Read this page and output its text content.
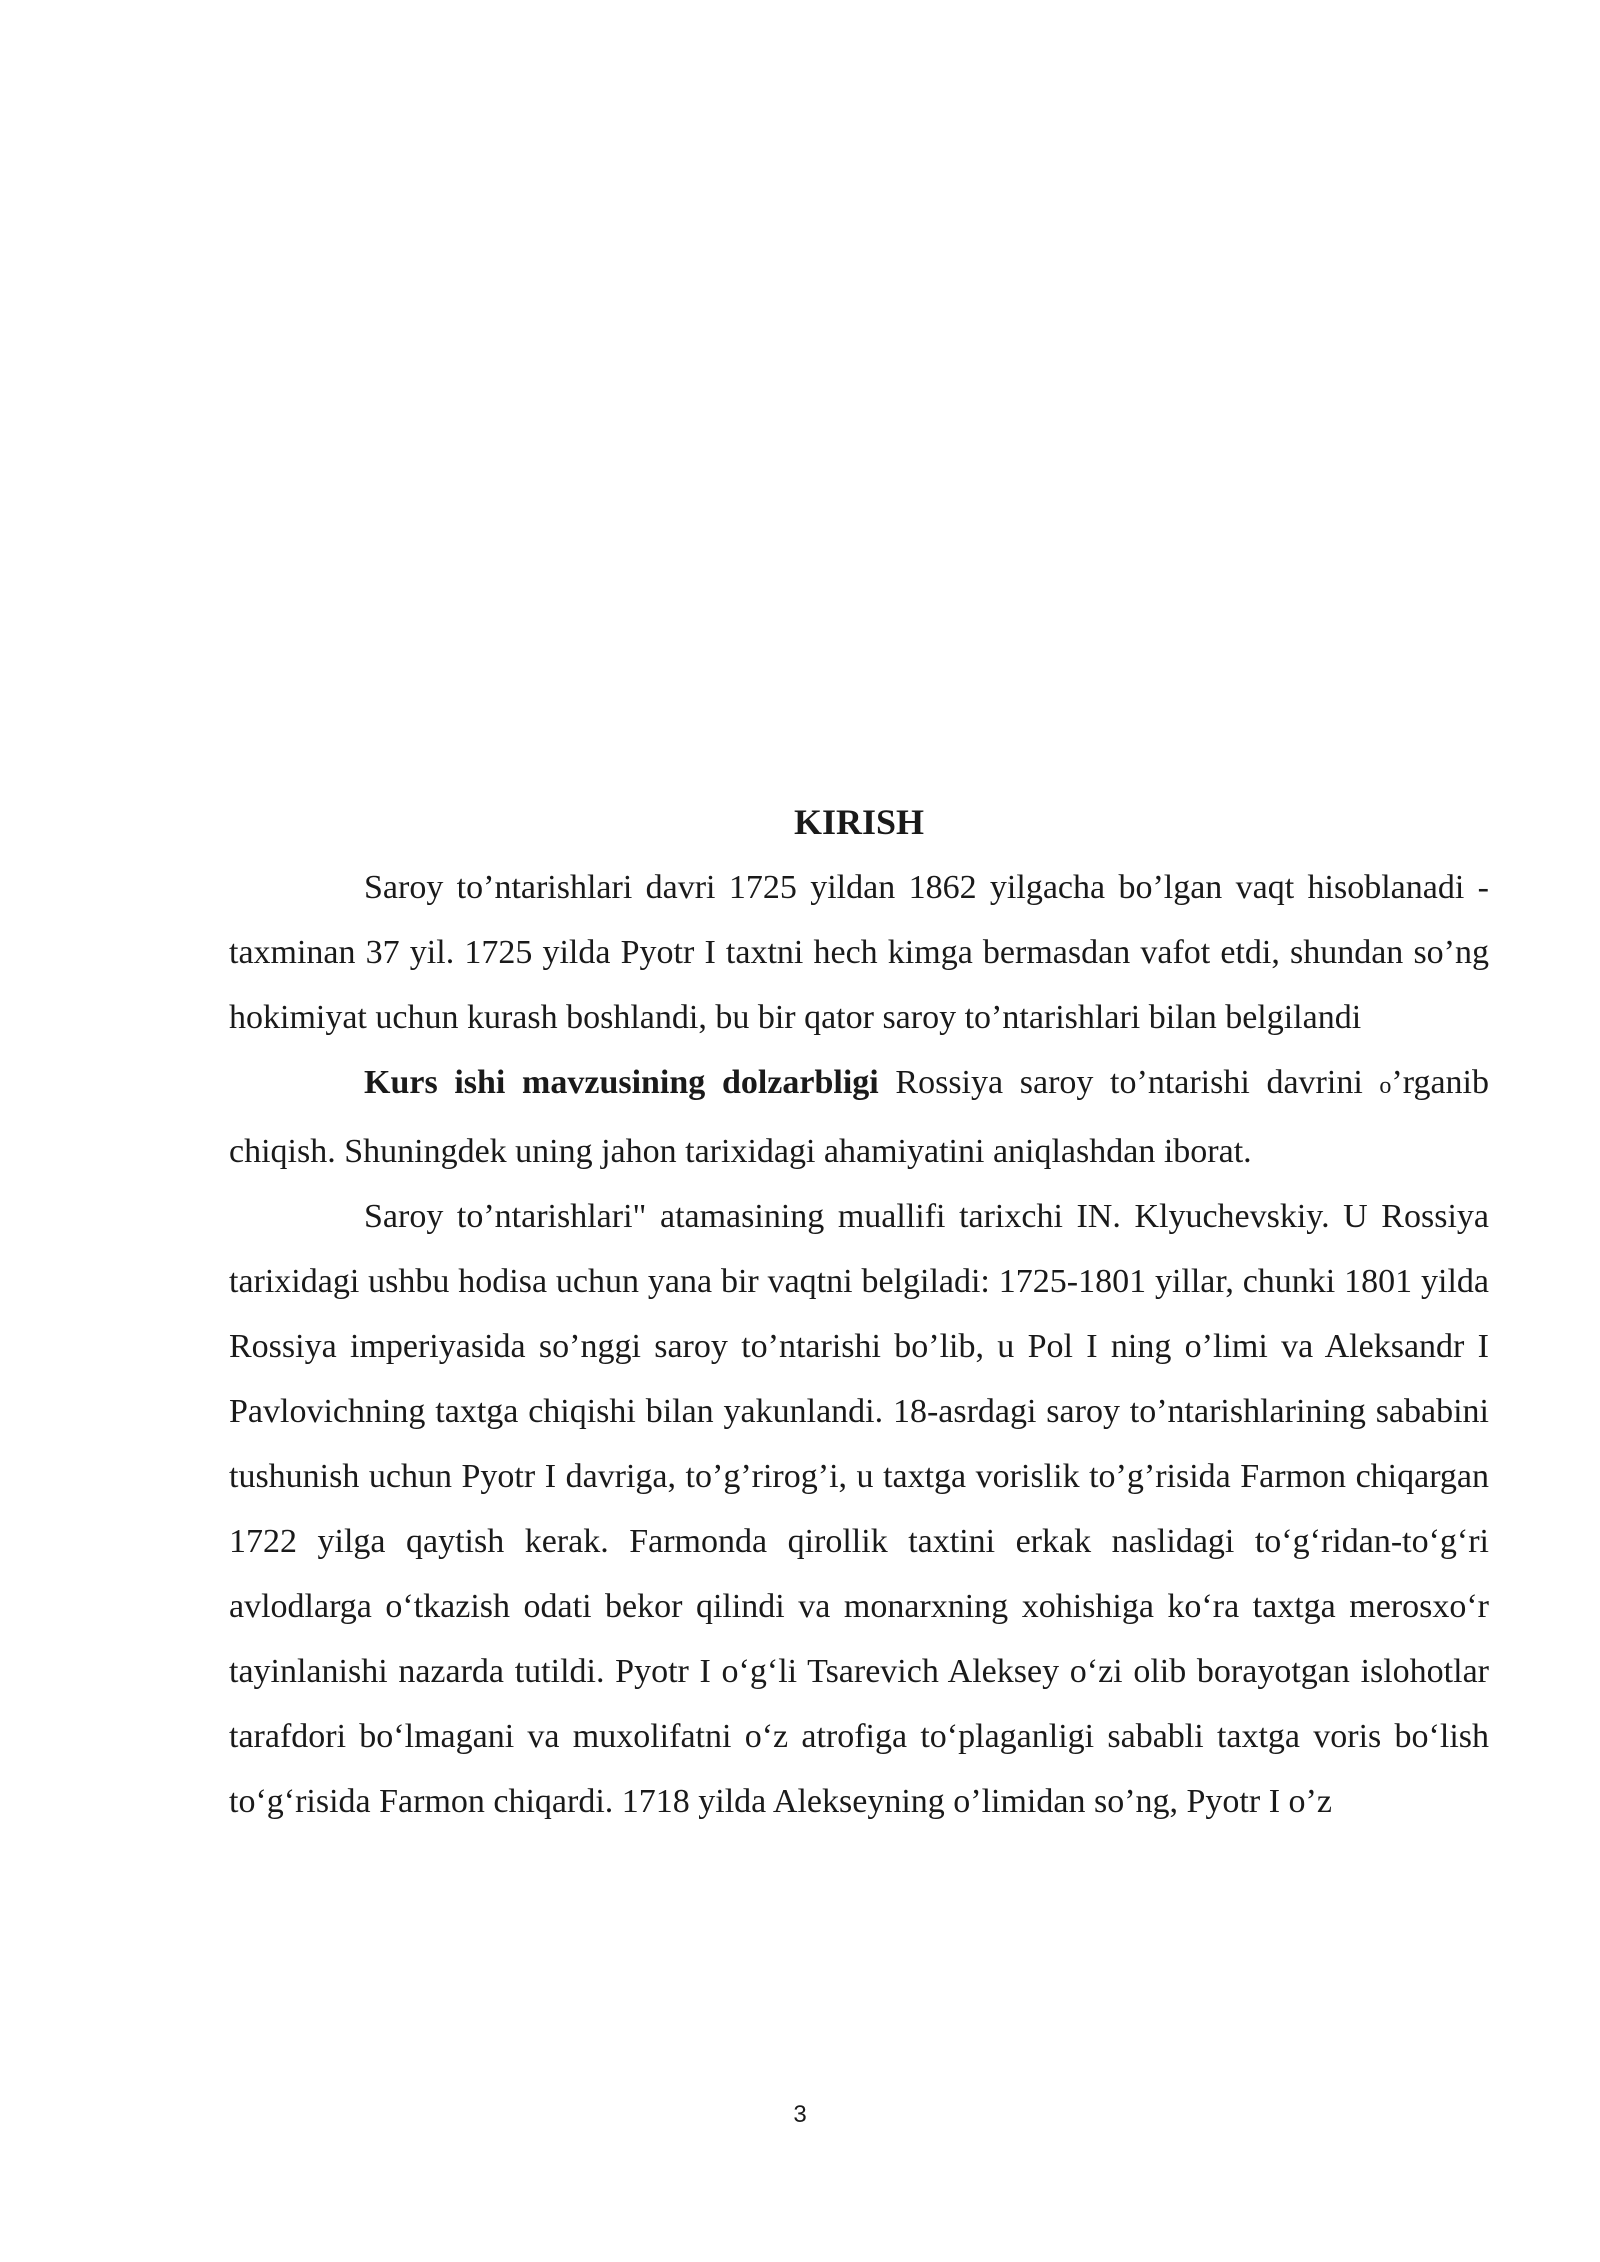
KIRISH

Saroy to’ntarishlari davri 1725 yildan 1862 yilgacha bo’lgan vaqt hisoblanadi - taxminan 37 yil. 1725 yilda Pyotr I taxtni hech kimga bermasdan vafot etdi, shundan so’ng hokimiyat uchun kurash boshlandi, bu bir qator saroy to’ntarishlari bilan belgilandi

Kurs ishi mavzusining dolzarbligi Rossiya saroy to’ntarishi davrini o’rganib chiqish. Shuningdek uning jahon tarixidagi ahamiyatini aniqlashdan iborat.

Saroy to’ntarishlari" atamasining muallifi tarixchi IN. Klyuchevskiy. U Rossiya tarixidagi ushbu hodisa uchun yana bir vaqtni belgiladi: 1725-1801 yillar, chunki 1801 yilda Rossiya imperiyasida so’nggi saroy to’ntarishi bo’lib, u Pol I ning o’limi va Aleksandr I Pavlovichning taxtga chiqishi bilan yakunlandi. 18-asrdagi saroy to’ntarishlarining sababini tushunish uchun Pyotr I davriga, to’g’rirog’i, u taxtga vorislik to’g’risida Farmon chiqargan 1722 yilga qaytish kerak. Farmonda qirollik taxtini erkak naslidagi to‘g‘ridan-to‘g‘ri avlodlarga o‘tkazish odati bekor qilindi va monarxning xohishiga ko‘ra taxtga merosxo‘r tayinlanishi nazarda tutildi. Pyotr I o‘g‘li Tsarevich Aleksey o‘zi olib borayotgan islohotlar tarafdori bo‘lmagani va muxolifatni o‘z atrofiga to‘plaganligi sababli taxtga voris bo‘lish to‘g‘risida Farmon chiqardi. 1718 yilda Alekseyning o’limidan so’ng, Pyotr I o’z

3
